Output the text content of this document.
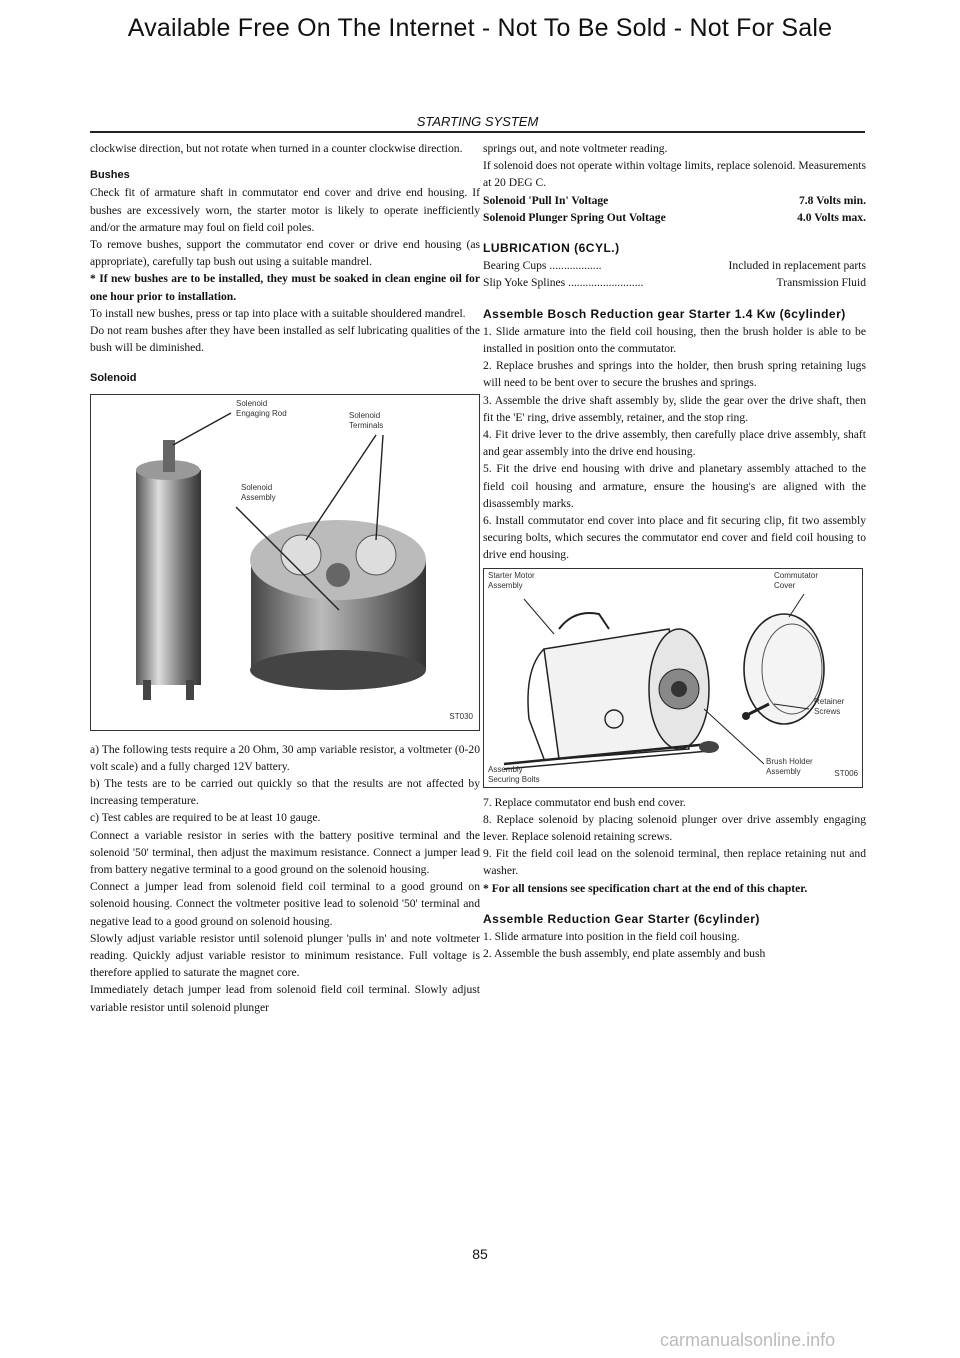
Available Free On The Internet - Not To Be Sold - Not For Sale
STARTING SYSTEM

clockwise direction, but not rotate when turned in a counter clockwise direction.

Bushes

Check fit of armature shaft in commutator end cover and drive end housing. If bushes are excessively worn, the starter motor is likely to operate inefficiently and/or the armature may foul on field coil poles.

To remove bushes, support the commutator end cover or drive end housing (as appropriate), carefully tap bush out using a suitable mandrel.

* If new bushes are to be installed, they must be soaked in clean engine oil for one hour prior to installation.

To install new bushes, press or tap into place with a suitable shouldered mandrel.

Do not ream bushes after they have been installed as self lubricating qualities of the bush will be diminished.

Solenoid

Solenoid
Engaging Rod	Solenoid
Terminals
Solenoid
Assembly
ST030

a) The following tests require a 20 Ohm, 30 amp variable resistor, a voltmeter (0-20 volt scale) and a fully charged 12V battery.

b) The tests are to be carried out quickly so that the results are not affected by increasing temperature.

c) Test cables are required to be at least 10 gauge.

Connect a variable resistor in series with the battery positive terminal and the solenoid '50' terminal, then adjust the maximum resistance. Connect a jumper lead from battery negative terminal to a good ground on the solenoid housing.

Connect a jumper lead from solenoid field coil terminal to a good ground on solenoid housing. Connect the voltmeter positive lead to solenoid '50' terminal and negative lead to a good ground on solenoid housing.

Slowly adjust variable resistor until solenoid plunger 'pulls in' and note voltmeter reading. Quickly adjust variable resistor to minimum resistance. Full voltage is therefore applied to saturate the magnet core.

Immediately detach jumper lead from solenoid field coil terminal. Slowly adjust variable resistor until solenoid plunger

springs out, and note voltmeter reading.

If solenoid does not operate within voltage limits, replace solenoid. Measurements at 20 DEG C.

Solenoid 'Pull In' Voltage	7.8 Volts min.
Solenoid Plunger Spring Out Voltage	4.0 Volts max.

LUBRICATION (6CYL.)

Bearing Cups ..................	Included in replacement parts
Slip Yoke Splines ..........................	Transmission Fluid

Assemble Bosch Reduction gear Starter 1.4 Kw (6cylinder)

1. Slide armature into the field coil housing, then the brush holder is able to be installed in position onto the commutator.

2. Replace brushes and springs into the holder, then brush spring retaining lugs will need to be bent over to secure the brushes and springs.

3. Assemble the drive shaft assembly by, slide the gear over the drive shaft, then fit the 'E' ring, drive assembly, retainer, and the stop ring.

4. Fit drive lever to the drive assembly, then carefully place drive assembly, shaft and gear assembly into the drive end housing.

5. Fit the drive end housing with drive and planetary assembly attached to the field coil housing and armature, ensure the housing's are aligned with the disassembly marks.

6. Install commutator end cover into place and fit securing clip, fit two assembly securing bolts, which secures the commutator end cover and field coil housing to drive end housing.

Starter Motor
Assembly
Commutator
Cover
Retainer
Screws
Brush Holder
Assembly
Assembly
Securing Bolts
ST006

7. Replace commutator end bush end cover.

8. Replace solenoid by placing solenoid plunger over drive assembly engaging lever. Replace solenoid retaining screws.

9. Fit the field coil lead on the solenoid terminal, then replace retaining nut and washer.

* For all tensions see specification chart at the end of this chapter.

Assemble Reduction Gear Starter (6cylinder)

1. Slide armature into position in the field coil housing.

2. Assemble the bush assembly, end plate assembly and bush

85
carmanualsonline.info
